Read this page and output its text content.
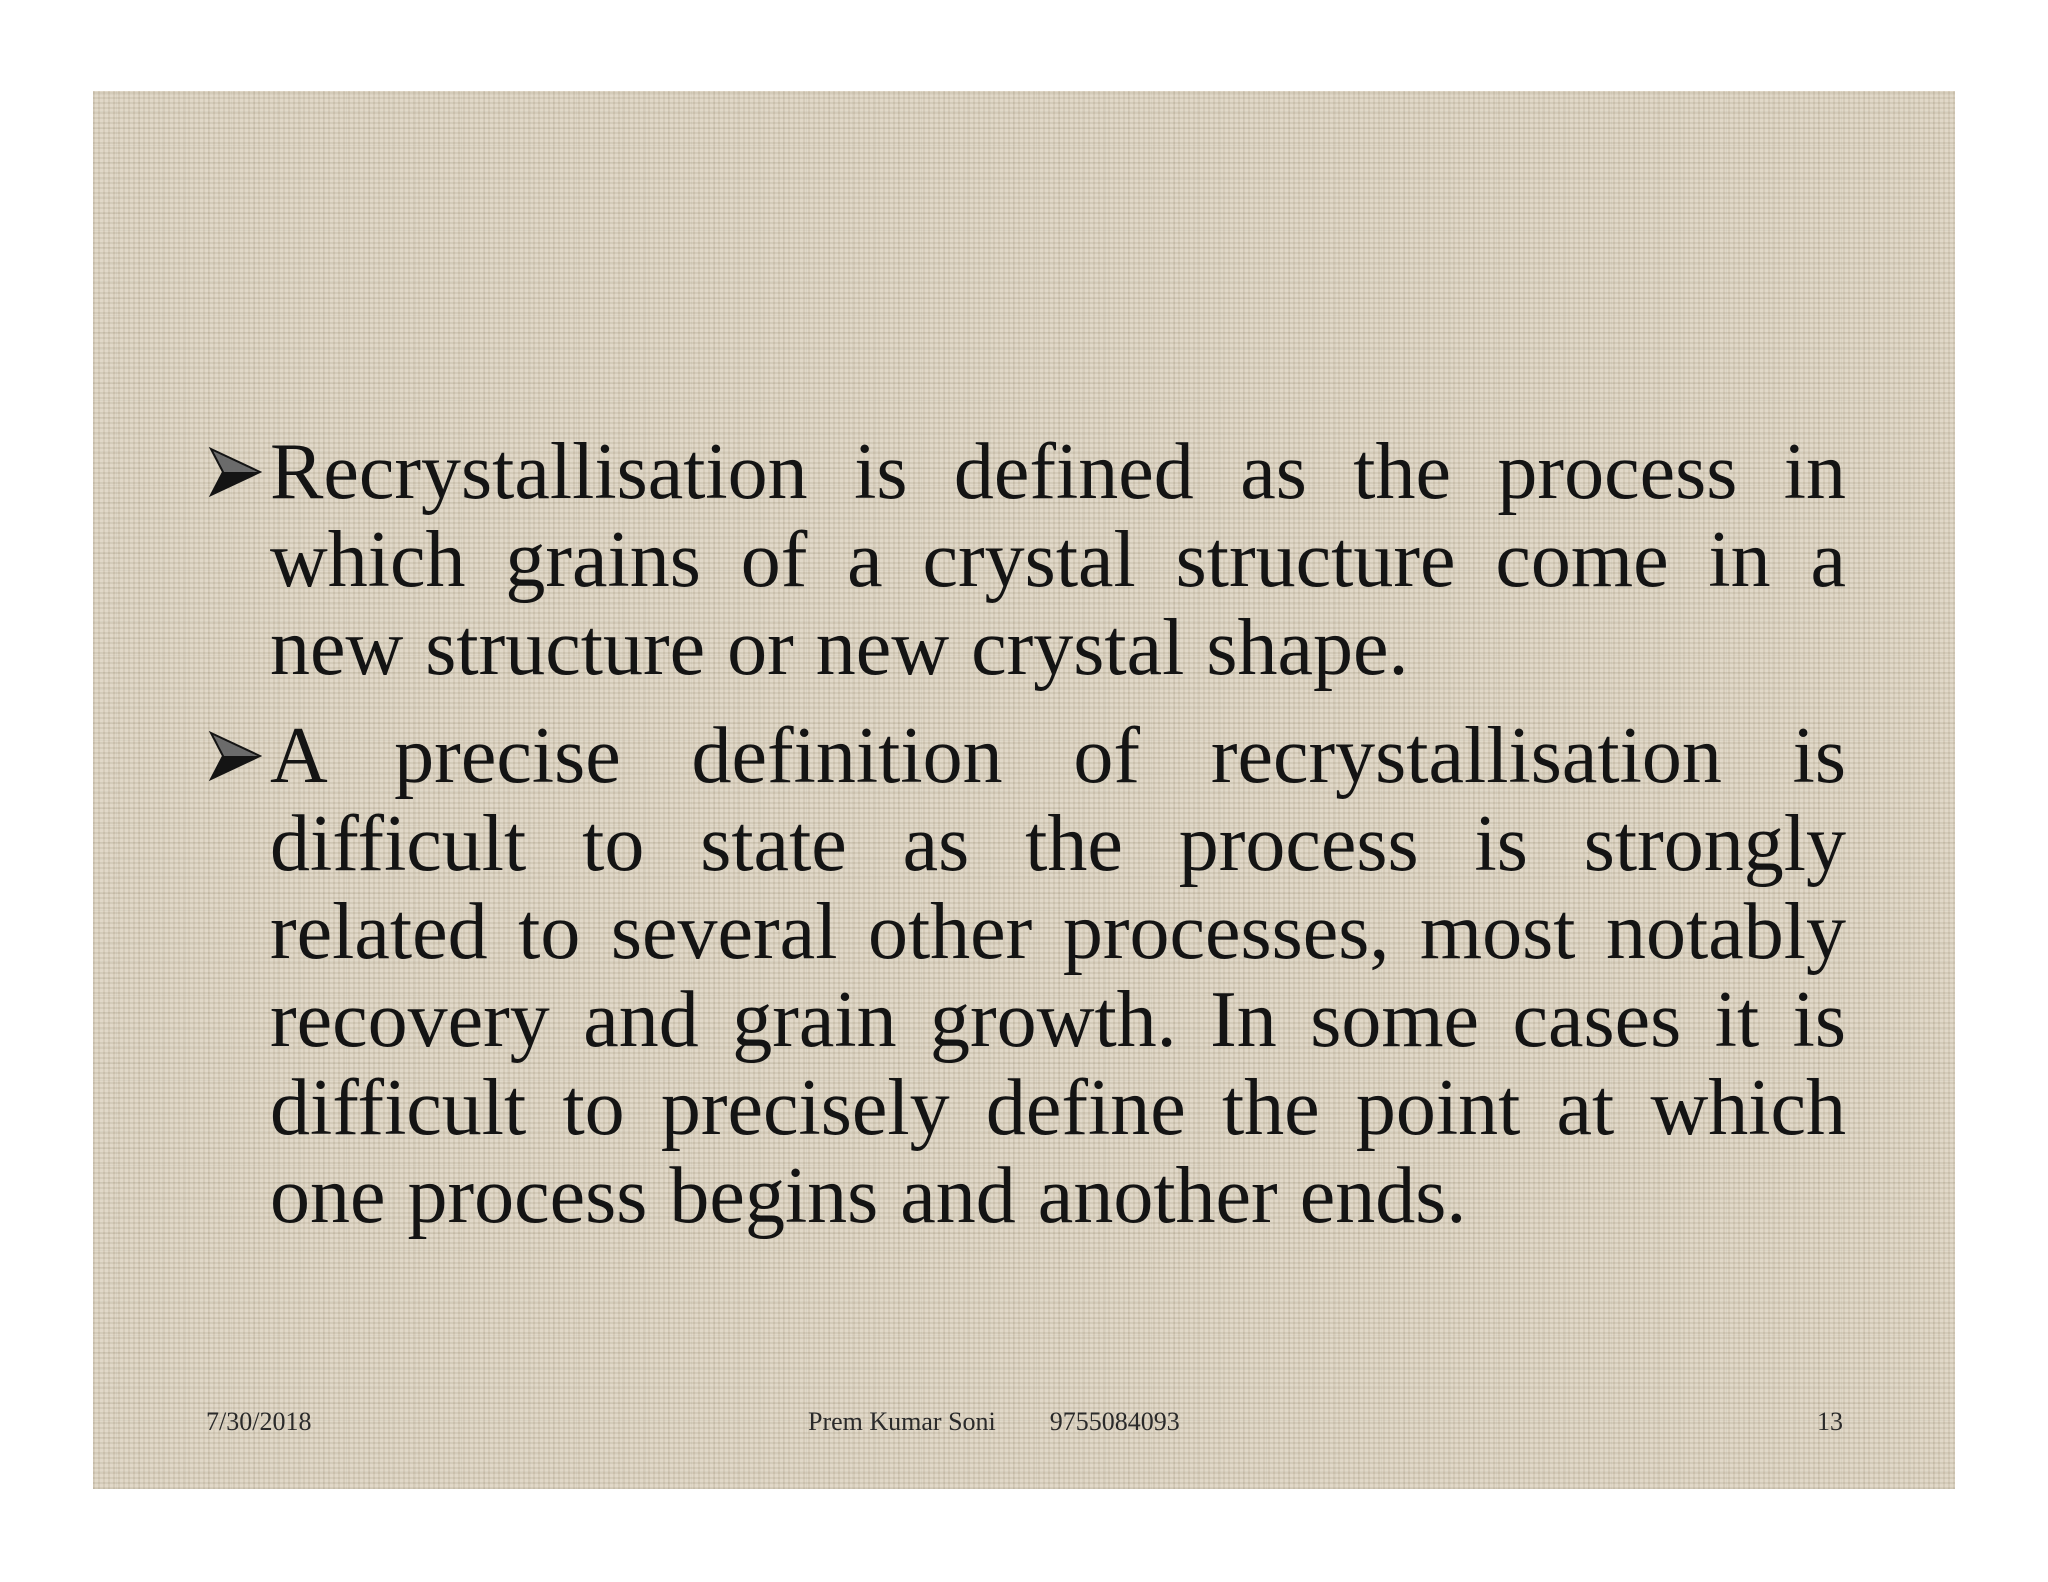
Recrystallisation is defined as the process in which grains of a crystal structure come in a new structure or new crystal shape.
A precise definition of recrystallisation is difficult to state as the process is strongly related to several other processes, most notably recovery and grain growth. In some cases it is difficult to precisely define the point at which one process begins and another ends.
7/30/2018	Prem Kumar Soni 9755084093	13
